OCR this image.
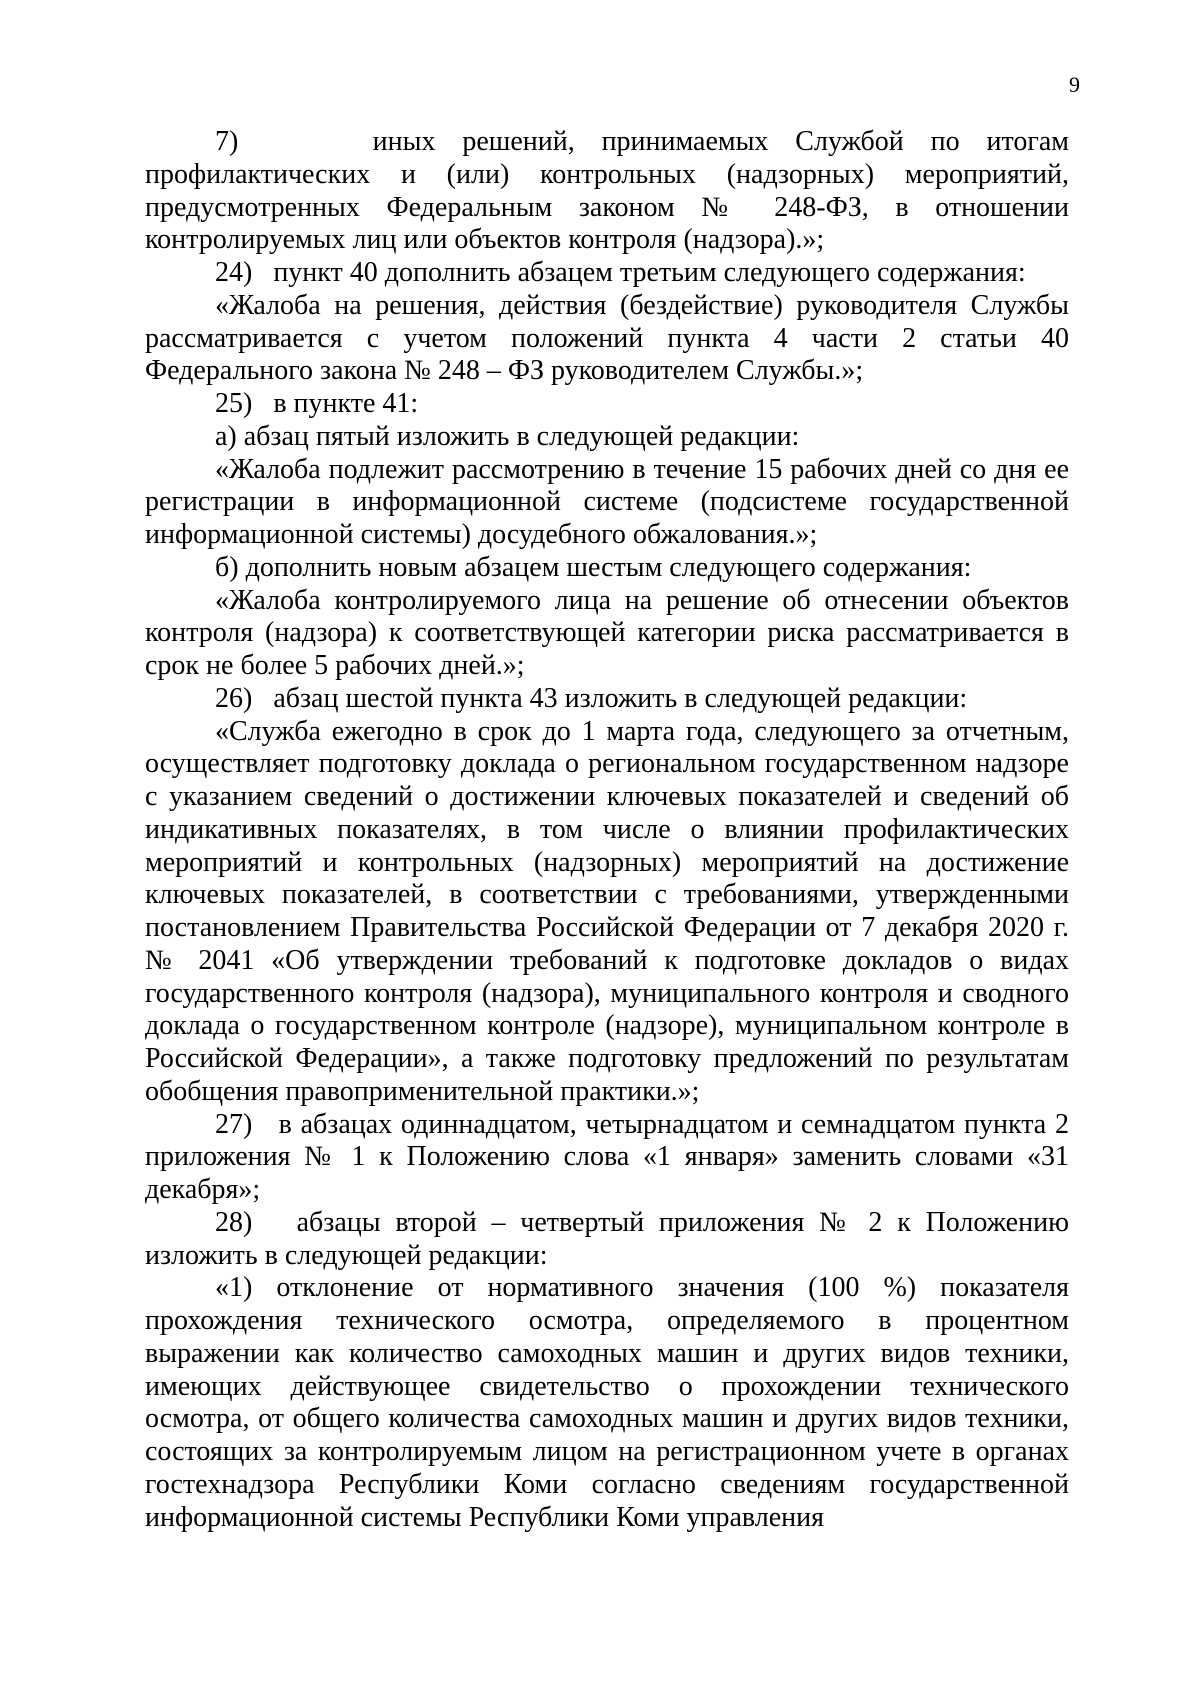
9

7)     иных решений, принимаемых Службой по итогам профилактических и (или) контрольных (надзорных) мероприятий, предусмотренных Федеральным законом № 248-ФЗ, в отношении контролируемых лиц или объектов контроля (надзора).»;

24)   пункт 40 дополнить абзацем третьим следующего содержания:

«Жалоба на решения, действия (бездействие) руководителя Службы рассматривается с учетом положений пункта 4 части 2 статьи 40 Федерального закона № 248 – ФЗ руководителем Службы.»;

25)   в пункте 41:

а) абзац пятый изложить в следующей редакции:

«Жалоба подлежит рассмотрению в течение 15 рабочих дней со дня ее регистрации в информационной системе (подсистеме государственной информационной системы) досудебного обжалования.»;

б) дополнить новым абзацем шестым следующего содержания:

«Жалоба контролируемого лица на решение об отнесении объектов контроля (надзора) к соответствующей категории риска рассматривается в срок не более 5 рабочих дней.»;

26)   абзац шестой пункта 43 изложить в следующей редакции:

«Служба ежегодно в срок до 1 марта года, следующего за отчетным, осуществляет подготовку доклада о региональном государственном надзоре с указанием сведений о достижении ключевых показателей и сведений об индикативных показателях, в том числе о влиянии профилактических мероприятий и контрольных (надзорных) мероприятий на достижение ключевых показателей, в соответствии с требованиями, утвержденными постановлением Правительства Российской Федерации от 7 декабря 2020 г. № 2041 «Об утверждении требований к подготовке докладов о видах государственного контроля (надзора), муниципального контроля и сводного доклада о государственном контроле (надзоре), муниципальном контроле в Российской Федерации», а также подготовку предложений по результатам обобщения правоприменительной практики.»;

27)   в абзацах одиннадцатом, четырнадцатом и семнадцатом пункта 2 приложения № 1 к Положению слова «1 января» заменить словами «31 декабря»;

28)   абзацы второй – четвертый приложения № 2 к Положению изложить в следующей редакции:

«1) отклонение от нормативного значения (100 %) показателя прохождения технического осмотра, определяемого в процентном выражении как количество самоходных машин и других видов техники, имеющих действующее свидетельство о прохождении технического осмотра, от общего количества самоходных машин и других видов техники, состоящих за контролируемым лицом на регистрационном учете в органах гостехнадзора Республики Коми согласно сведениям государственной информационной системы Республики Коми управления
